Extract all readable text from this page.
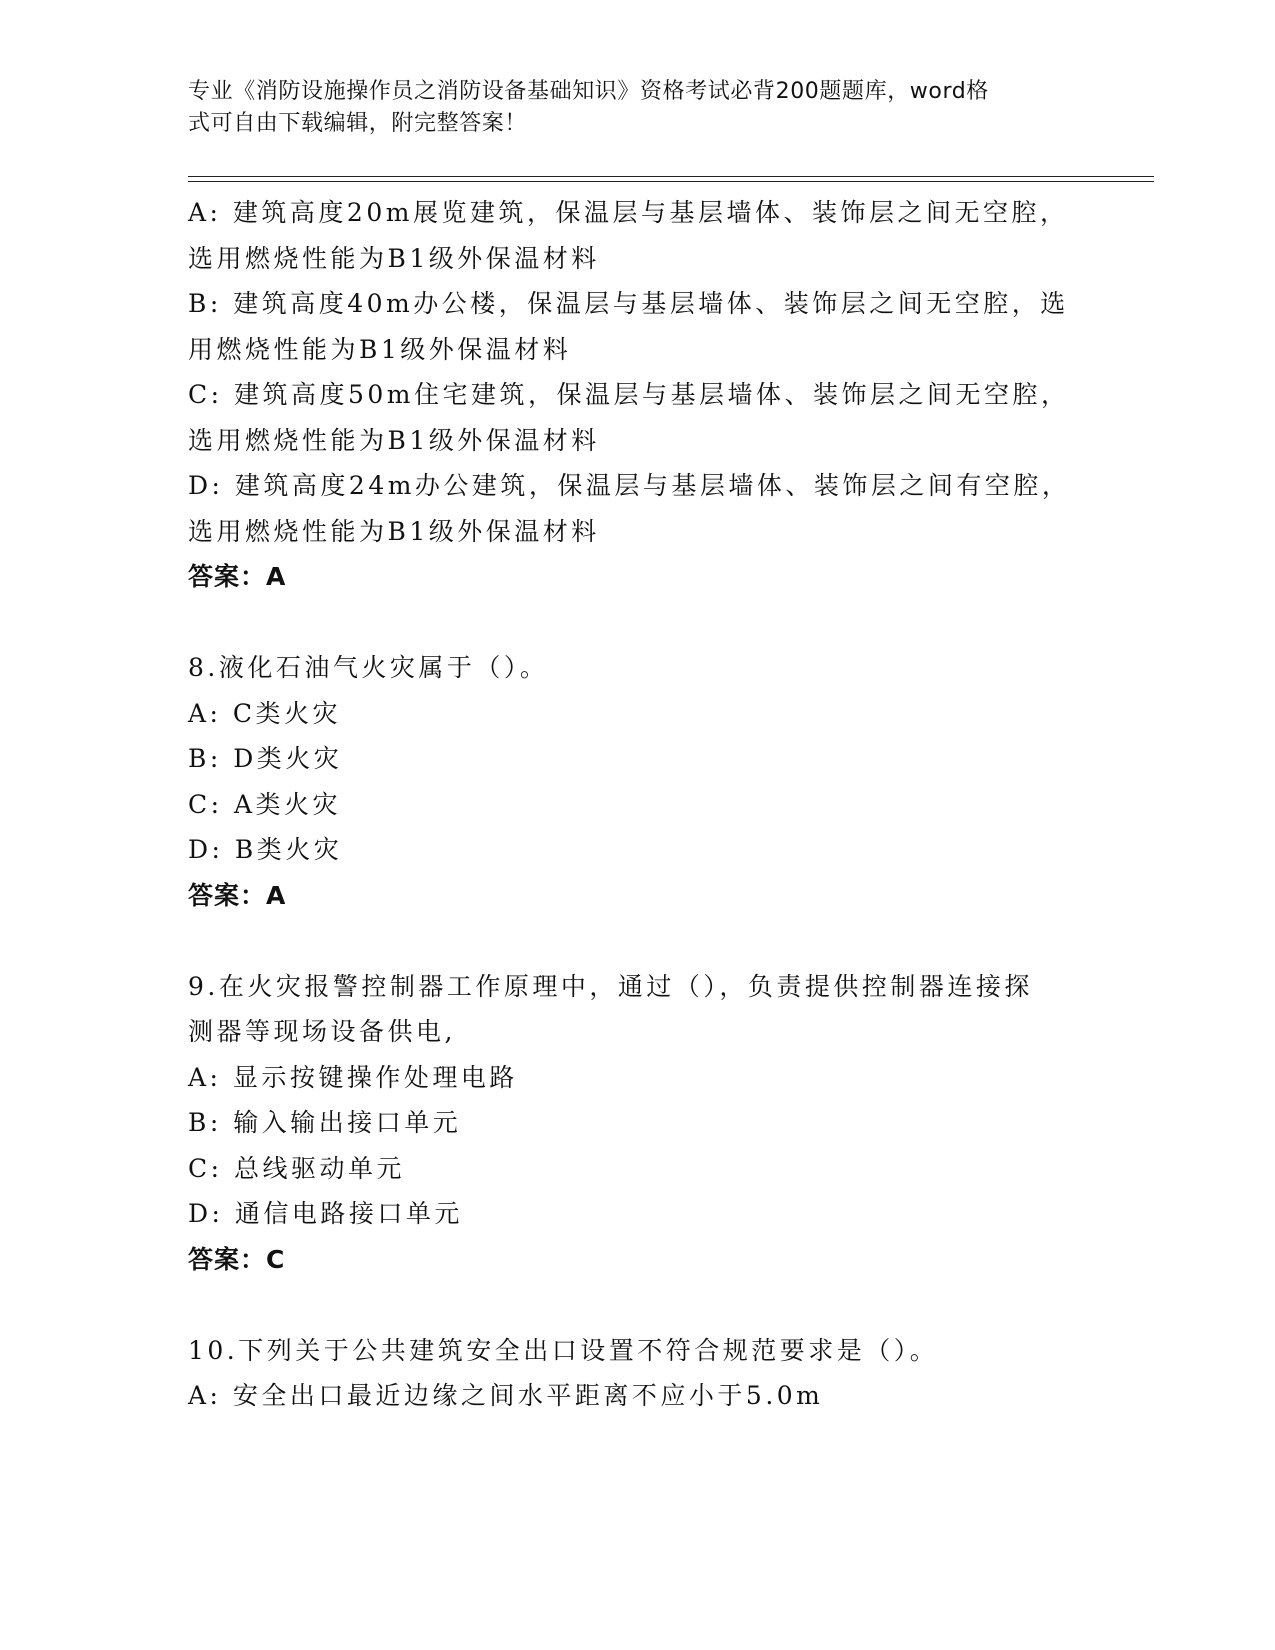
专业《消防设施操作员之消防设备基础知识》资格考试必背200题题库，word格
式可自由下载编辑，附完整答案！
A: 建筑高度20m展览建筑，保温层与基层墙体、装饰层之间无空腔，
选用燃烧性能为B1级外保温材料
B: 建筑高度40m办公楼，保温层与基层墙体、装饰层之间无空腔，选
用燃烧性能为B1级外保温材料
C: 建筑高度50m住宅建筑，保温层与基层墙体、装饰层之间无空腔，
选用燃烧性能为B1级外保温材料
D: 建筑高度24m办公建筑，保温层与基层墙体、装饰层之间有空腔，
选用燃烧性能为B1级外保温材料
答案：A
8.液化石油气火灾属于（）。
A: C类火灾
B: D类火灾
C: A类火灾
D: B类火灾
答案：A
9.在火灾报警控制器工作原理中，通过（），负责提供控制器连接探
测器等现场设备供电,
A: 显示按键操作处理电路
B: 输入输出接口单元
C: 总线驱动单元
D: 通信电路接口单元
答案：C
10.下列关于公共建筑安全出口设置不符合规范要求是（）。
A: 安全出口最近边缘之间水平距离不应小于5.0m
